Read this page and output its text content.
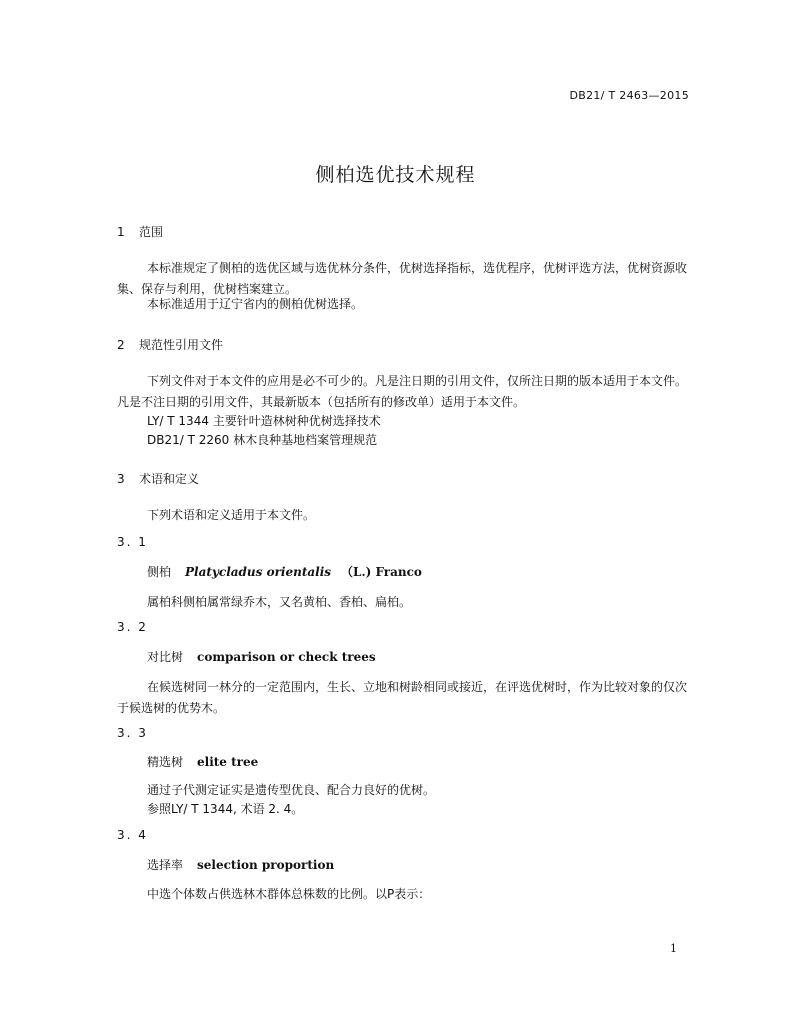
DB21/ T 2463—2015
侧柏选优技术规程
1 范围
本标准规定了侧柏的选优区域与选优林分条件，优树选择指标，选优程序，优树评选方法，优树资源收集、保存与利用，优树档案建立。
本标准适用于辽宁省内的侧柏优树选择。
2 规范性引用文件
下列文件对于本文件的应用是必不可少的。凡是注日期的引用文件，仅所注日期的版本适用于本文件。凡是不注日期的引用文件，其最新版本（包括所有的修改单）适用于本文件。
LY/ T 1344 主要针叶造林树种优树选择技术
DB21/ T 2260 林木良种基地档案管理规范
3 术语和定义
下列术语和定义适用于本文件。
3. 1
侧柏 Platycladus orientalis （L.) Franco
属柏科侧柏属常绿乔木，又名黄柏、香柏、扁柏。
3. 2
对比树 comparison or check trees
在候选树同一林分的一定范围内，生长、立地和树龄相同或接近，在评选优树时，作为比较对象的仅次于候选树的优势木。
3. 3
精选树 elite tree
通过子代测定证实是遗传型优良、配合力良好的优树。
参照LY/ T 1344, 术语 2. 4。
3. 4
选择率 selection proportion
中选个体数占供选林木群体总株数的比例。以P表示：
1
